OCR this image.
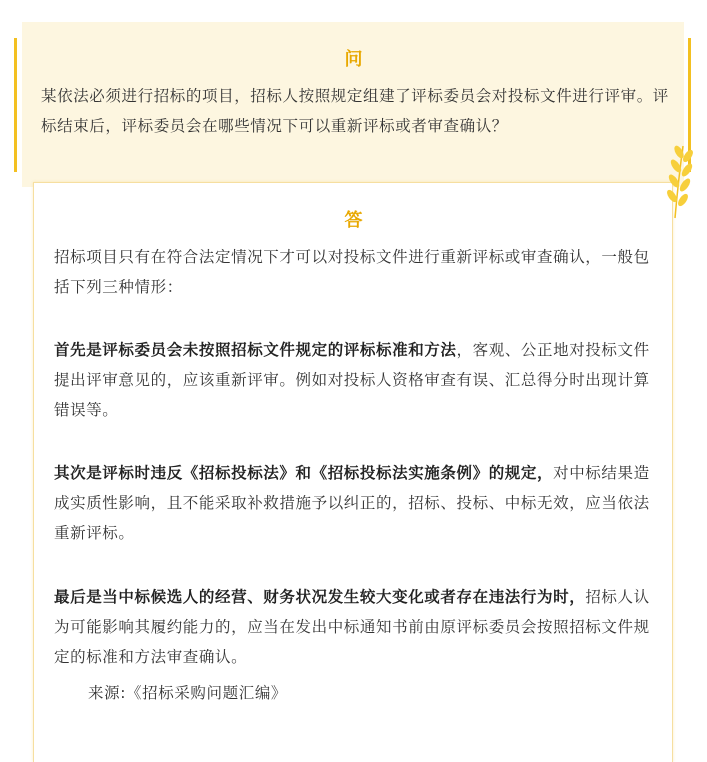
问
某依法必须进行招标的项目，招标人按照规定组建了评标委员会对投标文件进行评审。评标结束后，评标委员会在哪些情况下可以重新评标或者审查确认？
答
招标项目只有在符合法定情况下才可以对投标文件进行重新评标或审查确认，一般包括下列三种情形：
首先是评标委员会未按照招标文件规定的评标标准和方法，客观、公正地对投标文件提出评审意见的，应该重新评审。例如对投标人资格审查有误、汇总得分时出现计算错误等。
其次是评标时违反《招标投标法》和《招标投标法实施条例》的规定，对中标结果造成实质性影响，且不能采取补救措施予以纠正的，招标、投标、中标无效，应当依法重新评标。
最后是当中标候选人的经营、财务状况发生较大变化或者存在违法行为时，招标人认为可能影响其履约能力的，应当在发出中标通知书前由原评标委员会按照招标文件规定的标准和方法审查确认。
来源:《招标采购问题汇编》
